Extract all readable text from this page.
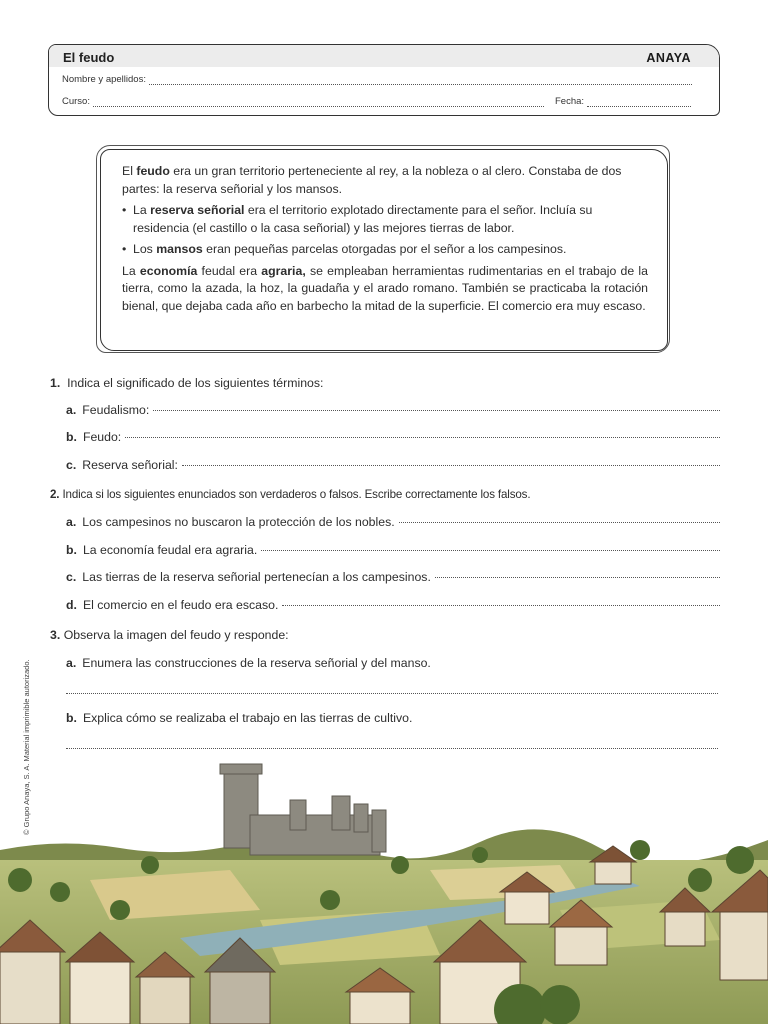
El feudo	ANAYA
Nombre y apellidos:
Curso:	Fecha:

El feudo era un gran territorio perteneciente al rey, a la nobleza o al clero. Constaba de dos partes: la reserva señorial y los mansos.

• La reserva señorial era el territorio explotado directamente para el señor. Incluía su residencia (el castillo o la casa señorial) y las mejores tierras de labor.
• Los mansos eran pequeñas parcelas otorgadas por el señor a los campesinos.

La economía feudal era agraria, se empleaban herramientas rudimentarias en el trabajo de la tierra, como la azada, la hoz, la guadaña y el arado romano. También se practicaba la rotación bienal, que dejaba cada año en barbecho la mitad de la superficie. El comercio era muy escaso.

1. Indica el significado de los siguientes términos:
a. Feudalismo:
b. Feudo:
c. Reserva señorial:
2. Indica si los siguientes enunciados son verdaderos o falsos. Escribe correctamente los falsos.
a. Los campesinos no buscaron la protección de los nobles.
b. La economía feudal era agraria.
c. Las tierras de la reserva señorial pertenecían a los campesinos.
d. El comercio en el feudo era escaso.
3. Observa la imagen del feudo y responde:
a. Enumera las construcciones de la reserva señorial y del manso.
b. Explica cómo se realizaba el trabajo en las tierras de cultivo.
© Grupo Anaya, S. A. Material imprimible autorizado.
